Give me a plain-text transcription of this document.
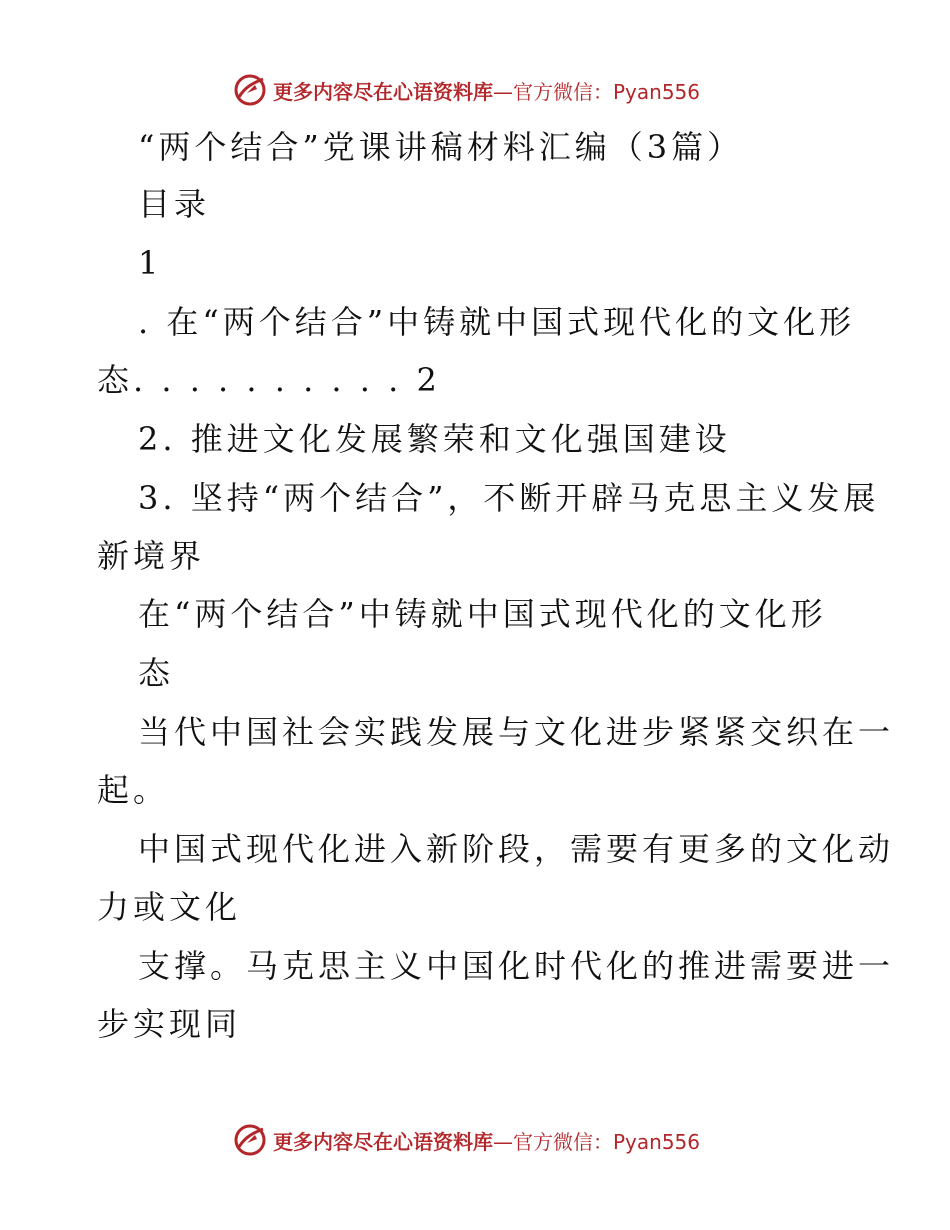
更多内容尽在心语资料库 —官方微信：Pyan556
“两个结合”党课讲稿材料汇编（3篇）
目录
1
. 在“两个结合”中铸就中国式现代化的文化形
态. . . . . . . . . . 2
2. 推进文化发展繁荣和文化强国建设
3. 坚持“两个结合”，不断开辟马克思主义发展
新境界
在“两个结合”中铸就中国式现代化的文化形
态
当代中国社会实践发展与文化进步紧紧交织在一
起。
中国式现代化进入新阶段，需要有更多的文化动
力或文化
支撑。马克思主义中国化时代化的推进需要进一
步实现同
更多内容尽在心语资料库 —官方微信：Pyan556
